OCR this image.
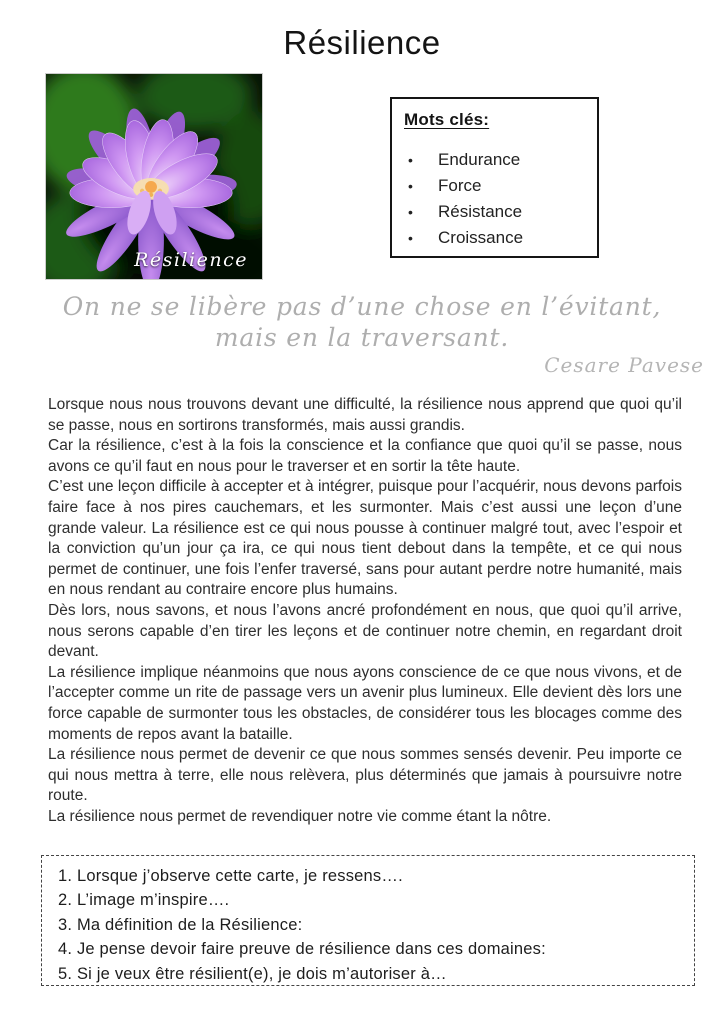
Résilience
Résilience
Mots clés:
•	Endurance
•	Force
•	Résistance
•	Croissance
On ne se libère pas d’une chose en l’évitant,
mais en la traversant.
Cesare Pavese

Lorsque nous nous trouvons devant une difficulté, la résilience nous apprend que quoi qu’il se passe, nous en sortirons transformés, mais aussi grandis.

Car la résilience, c’est à la fois la conscience et la confiance que quoi qu’il se passe, nous avons ce qu’il faut en nous pour le traverser et en sortir la tête haute.

C’est une leçon difficile à accepter et à intégrer, puisque pour l’acquérir, nous devons parfois faire face à nos pires cauchemars, et les surmonter. Mais c’est aussi une leçon d’une grande valeur. La résilience est ce qui nous pousse à continuer malgré tout, avec l’espoir et la conviction qu’un jour ça ira, ce qui nous tient debout dans la tempête, et ce qui nous permet de continuer, une fois l’enfer traversé, sans pour autant perdre notre humanité, mais en nous rendant au contraire encore plus humains.

Dès lors, nous savons, et nous l’avons ancré profondément en nous, que quoi qu’il arrive, nous serons capable d’en tirer les leçons et de continuer notre chemin, en regardant droit devant.

La résilience implique néanmoins que nous ayons conscience de ce que nous vivons, et de l’accepter comme un rite de passage vers un avenir plus lumineux. Elle devient dès lors une force capable de surmonter tous les obstacles, de considérer tous les blocages comme des moments de repos avant la bataille.

La résilience nous permet de devenir ce que nous sommes sensés devenir. Peu importe ce qui nous mettra à terre, elle nous relèvera, plus déterminés que jamais à poursuivre notre route.

La résilience nous permet de revendiquer notre vie comme étant la nôtre.

1. Lorsque j’observe cette carte, je ressens….
2. L’image m’inspire….
3. Ma définition de la Résilience:
4. Je pense devoir faire preuve de résilience dans ces domaines:
5. Si je veux être résilient(e), je dois m’autoriser à…
